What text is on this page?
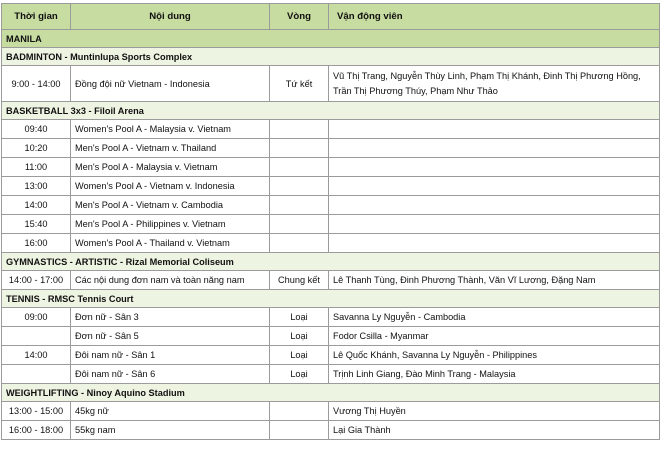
Thời gian	Nội dung	Vòng	Vận động viên
MANILA			
BADMINTON - Muntinlupa Sports Complex			
9:00 - 14:00	Đồng đội nữ Vietnam - Indonesia	Tứ kết	Vũ Thị Trang, Nguyễn Thùy Linh, Phạm Thị Khánh, Đinh Thị Phương Hồng, Trần Thị Phương Thúy, Phạm Như Thảo
BASKETBALL 3x3 - Filoil Arena			
09:40	Women's Pool A - Malaysia v. Vietnam		
10:20	Men's Pool A - Vietnam v. Thailand		
11:00	Men's Pool A - Malaysia v. Vietnam		
13:00	Women's Pool A - Vietnam v. Indonesia		
14:00	Men's Pool A - Vietnam v. Cambodia		
15:40	Men's Pool A - Philippines v. Vietnam		
16:00	Women's Pool A - Thailand v. Vietnam		
GYMNASTICS - ARTISTIC - Rizal Memorial Coliseum			
14:00 - 17:00	Các nội dung đơn nam và toàn năng nam	Chung kết	Lê Thanh Tùng, Đinh Phương Thành, Văn Vĩ Lương, Đặng Nam
TENNIS - RMSC Tennis Court			
09:00	Đơn nữ - Sân 3	Loại	Savanna Ly Nguyễn - Cambodia
	Đơn nữ - Sân 5	Loại	Fodor Csilla - Myanmar
14:00	Đôi nam nữ - Sân 1	Loại	Lê Quốc Khánh, Savanna Ly Nguyễn - Philippines
	Đôi nam nữ - Sân 6	Loại	Trịnh Linh Giang, Đào Minh Trang - Malaysia
WEIGHTLIFTING - Ninoy Aquino Stadium			
13:00 - 15:00	45kg nữ		Vương Thị Huyền
16:00 - 18:00	55kg nam		Lại Gia Thành
